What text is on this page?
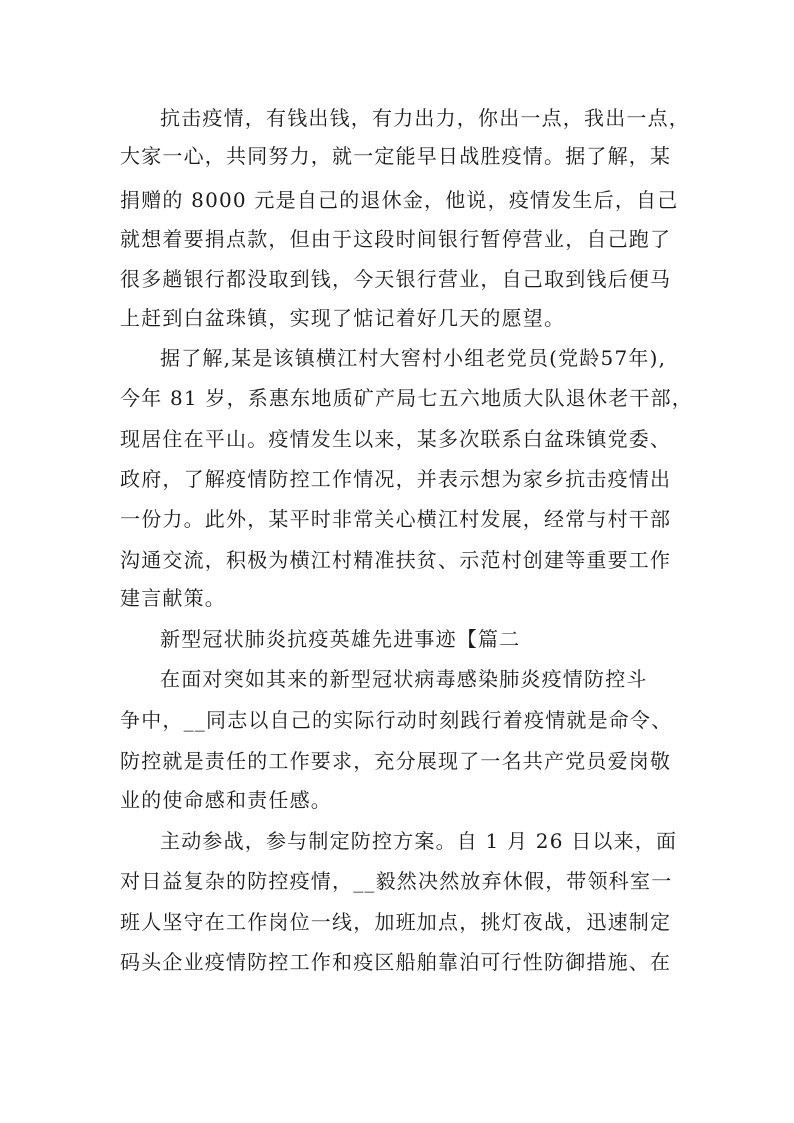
抗击疫情，有钱出钱，有力出力，你出一点，我出一点，
大家一心，共同努力，就一定能早日战胜疫情。据了解，某
捐赠的 8000 元是自己的退休金，他说，疫情发生后，自己
就想着要捐点款，但由于这段时间银行暂停营业，自己跑了
很多趟银行都没取到钱，今天银行营业，自己取到钱后便马
上赶到白盆珠镇，实现了惦记着好几天的愿望。
据了解,某是该镇横江村大窖村小组老党员(党龄57年),
今年 81 岁，系惠东地质矿产局七五六地质大队退休老干部，
现居住在平山。疫情发生以来，某多次联系白盆珠镇党委、
政府，了解疫情防控工作情况，并表示想为家乡抗击疫情出
一份力。此外，某平时非常关心横江村发展，经常与村干部
沟通交流，积极为横江村精准扶贫、示范村创建等重要工作
建言献策。
新型冠状肺炎抗疫英雄先进事迹【篇二
在面对突如其来的新型冠状病毒感染肺炎疫情防控斗
争中，__同志以自己的实际行动时刻践行着疫情就是命令、
防控就是责任的工作要求，充分展现了一名共产党员爱岗敬
业的使命感和责任感。
主动参战，参与制定防控方案。自 1 月 26 日以来，面
对日益复杂的防控疫情，__毅然决然放弃休假，带领科室一
班人坚守在工作岗位一线，加班加点，挑灯夜战，迅速制定
码头企业疫情防控工作和疫区船舶靠泊可行性防御措施、在
